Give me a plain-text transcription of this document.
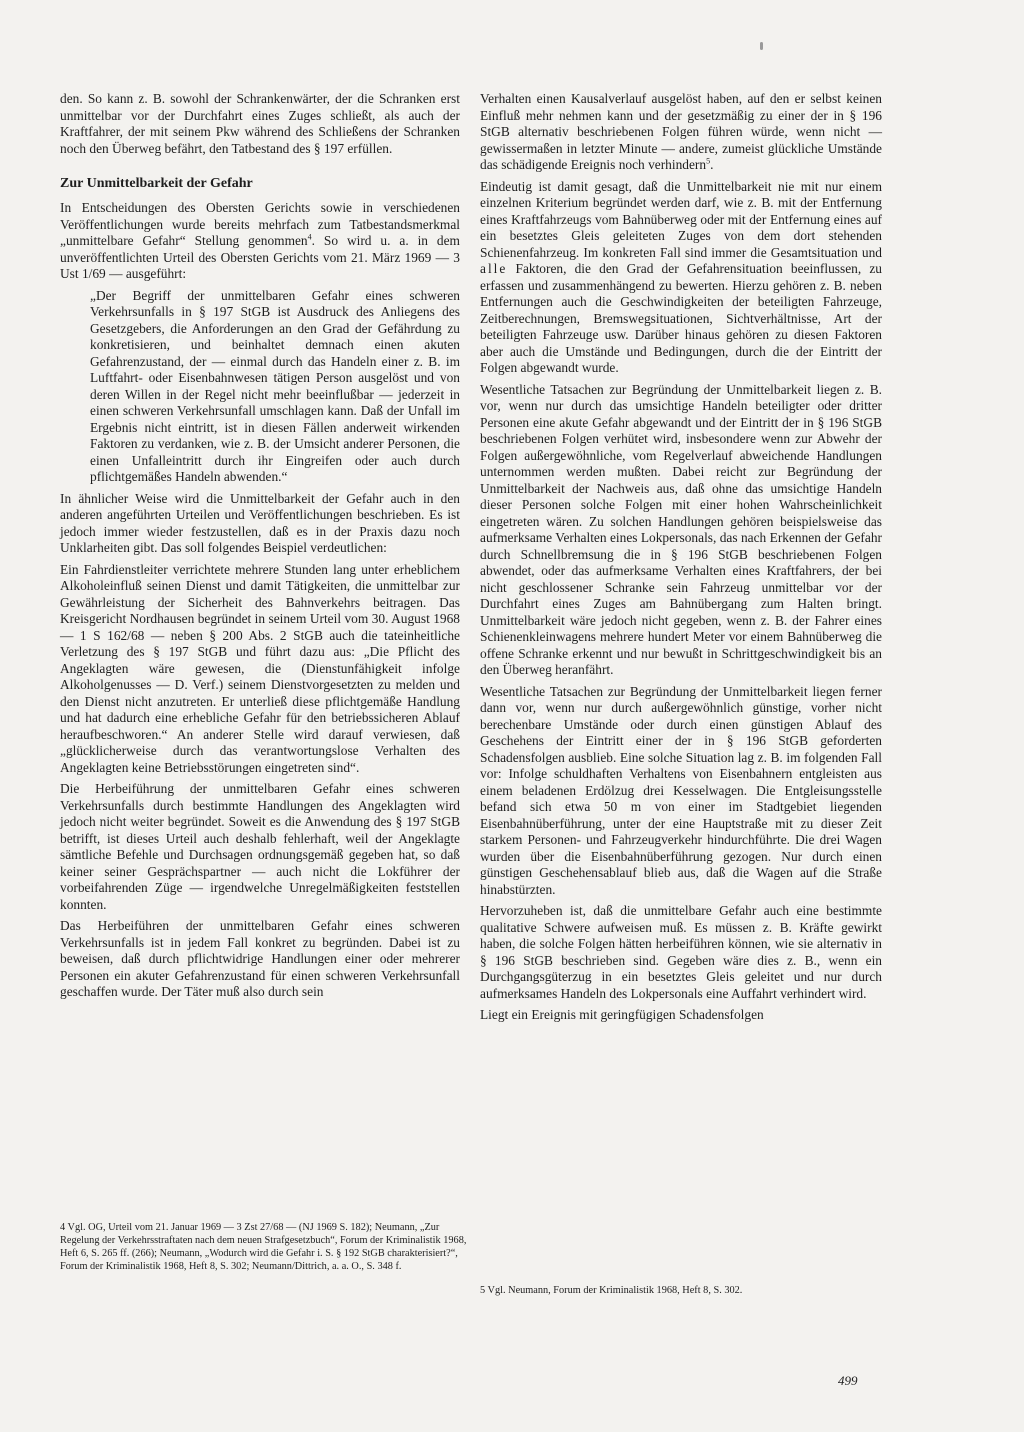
den. So kann z. B. sowohl der Schrankenwärter, der die Schranken erst unmittelbar vor der Durchfahrt eines Zuges schließt, als auch der Kraftfahrer, der mit seinem Pkw während des Schließens der Schranken noch den Überweg befährt, den Tatbestand des § 197 erfüllen.

Zur Unmittelbarkeit der Gefahr

In Entscheidungen des Obersten Gerichts sowie in verschiedenen Veröffentlichungen wurde bereits mehrfach zum Tatbestandsmerkmal „unmittelbare Gefahr“ Stellung genommen$^4$. So wird u. a. in dem unveröffentlichten Urteil des Obersten Gerichts vom 21. März 1969 — 3 Ust 1/69 — ausgeführt:

„Der Begriff der unmittelbaren Gefahr eines schweren Verkehrsunfalls in § 197 StGB ist Ausdruck des Anliegens des Gesetzgebers, die Anforderungen an den Grad der Gefährdung zu konkretisieren, und beinhaltet demnach einen akuten Gefahrenzustand, der — einmal durch das Handeln einer z. B. im Luftfahrt- oder Eisenbahnwesen tätigen Person ausgelöst und von deren Willen in der Regel nicht mehr beeinflußbar — jederzeit in einen schweren Verkehrsunfall umschlagen kann. Daß der Unfall im Ergebnis nicht eintritt, ist in diesen Fällen anderweit wirkenden Faktoren zu verdanken, wie z. B. der Umsicht anderer Personen, die einen Unfalleintritt durch ihr Eingreifen oder auch durch pflichtgemäßes Handeln abwenden.“

In ähnlicher Weise wird die Unmittelbarkeit der Gefahr auch in den anderen angeführten Urteilen und Veröffentlichungen beschrieben. Es ist jedoch immer wieder festzustellen, daß es in der Praxis dazu noch Unklarheiten gibt. Das soll folgendes Beispiel verdeutlichen:

Ein Fahrdienstleiter verrichtete mehrere Stunden lang unter erheblichem Alkoholeinfluß seinen Dienst und damit Tätigkeiten, die unmittelbar zur Gewährleistung der Sicherheit des Bahnverkehrs beitragen. Das Kreisgericht Nordhausen begründet in seinem Urteil vom 30. August 1968 — 1 S 162/68 — neben § 200 Abs. 2 StGB auch die tateinheitliche Verletzung des § 197 StGB und führt dazu aus: „Die Pflicht des Angeklagten wäre gewesen, die (Dienstunfähigkeit infolge Alkoholgenusses — D. Verf.) seinem Dienstvorgesetzten zu melden und den Dienst nicht anzutreten. Er unterließ diese pflichtgemäße Handlung und hat dadurch eine erhebliche Gefahr für den betriebssicheren Ablauf heraufbeschworen.“ An anderer Stelle wird darauf verwiesen, daß „glücklicherweise durch das verantwortungslose Verhalten des Angeklagten keine Betriebsstörungen eingetreten sind“.

Die Herbeiführung der unmittelbaren Gefahr eines schweren Verkehrsunfalls durch bestimmte Handlungen des Angeklagten wird jedoch nicht weiter begründet. Soweit es die Anwendung des § 197 StGB betrifft, ist dieses Urteil auch deshalb fehlerhaft, weil der Angeklagte sämtliche Befehle und Durchsagen ordnungsgemäß gegeben hat, so daß keiner seiner Gesprächspartner — auch nicht die Lokführer der vorbeifahrenden Züge — irgendwelche Unregelmäßigkeiten feststellen konnten.

Das Herbeiführen der unmittelbaren Gefahr eines schweren Verkehrsunfalls ist in jedem Fall konkret zu begründen. Dabei ist zu beweisen, daß durch pflichtwidrige Handlungen einer oder mehrerer Personen ein akuter Gefahrenzustand für einen schweren Verkehrsunfall geschaffen wurde. Der Täter muß also durch sein

Verhalten einen Kausalverlauf ausgelöst haben, auf den er selbst keinen Einfluß mehr nehmen kann und der gesetzmäßig zu einer der in § 196 StGB alternativ beschriebenen Folgen führen würde, wenn nicht — gewissermaßen in letzter Minute — andere, zumeist glückliche Umstände das schädigende Ereignis noch verhindern$^5$.

Eindeutig ist damit gesagt, daß die Unmittelbarkeit nie mit nur einem einzelnen Kriterium begründet werden darf, wie z. B. mit der Entfernung eines Kraftfahrzeugs vom Bahnüberweg oder mit der Entfernung eines auf ein besetztes Gleis geleiteten Zuges von dem dort stehenden Schienenfahrzeug. Im konkreten Fall sind immer die Gesamtsituation und alle Faktoren, die den Grad der Gefahrensituation beeinflussen, zu erfassen und zusammenhängend zu bewerten. Hierzu gehören z. B. neben Entfernungen auch die Geschwindigkeiten der beteiligten Fahrzeuge, Zeitberechnungen, Bremswegsituationen, Sichtverhältnisse, Art der beteiligten Fahrzeuge usw. Darüber hinaus gehören zu diesen Faktoren aber auch die Umstände und Bedingungen, durch die der Eintritt der Folgen abgewandt wurde.

Wesentliche Tatsachen zur Begründung der Unmittelbarkeit liegen z. B. vor, wenn nur durch das umsichtige Handeln beteiligter oder dritter Personen eine akute Gefahr abgewandt und der Eintritt der in § 196 StGB beschriebenen Folgen verhütet wird, insbesondere wenn zur Abwehr der Folgen außergewöhnliche, vom Regelverlauf abweichende Handlungen unternommen werden mußten. Dabei reicht zur Begründung der Unmittelbarkeit der Nachweis aus, daß ohne das umsichtige Handeln dieser Personen solche Folgen mit einer hohen Wahrscheinlichkeit eingetreten wären. Zu solchen Handlungen gehören beispielsweise das aufmerksame Verhalten eines Lokpersonals, das nach Erkennen der Gefahr durch Schnellbremsung die in § 196 StGB beschriebenen Folgen abwendet, oder das aufmerksame Verhalten eines Kraftfahrers, der bei nicht geschlossener Schranke sein Fahrzeug unmittelbar vor der Durchfahrt eines Zuges am Bahnübergang zum Halten bringt. Unmittelbarkeit wäre jedoch nicht gegeben, wenn z. B. der Fahrer eines Schienenkleinwagens mehrere hundert Meter vor einem Bahnüberweg die offene Schranke erkennt und nur bewußt in Schrittgeschwindigkeit bis an den Überweg heranfährt.

Wesentliche Tatsachen zur Begründung der Unmittelbarkeit liegen ferner dann vor, wenn nur durch außergewöhnlich günstige, vorher nicht berechenbare Umstände oder durch einen günstigen Ablauf des Geschehens der Eintritt einer der in § 196 StGB geforderten Schadensfolgen ausblieb. Eine solche Situation lag z. B. im folgenden Fall vor: Infolge schuldhaften Verhaltens von Eisenbahnern entgleisten aus einem beladenen Erdölzug drei Kesselwagen. Die Entgleisungsstelle befand sich etwa 50 m von einer im Stadtgebiet liegenden Eisenbahnüberführung, unter der eine Hauptstraße mit zu dieser Zeit starkem Personen- und Fahrzeugverkehr hindurchführte. Die drei Wagen wurden über die Eisenbahnüberführung gezogen. Nur durch einen günstigen Geschehensablauf blieb aus, daß die Wagen auf die Straße hinabstürzten.

Hervorzuheben ist, daß die unmittelbare Gefahr auch eine bestimmte qualitative Schwere aufweisen muß. Es müssen z. B. Kräfte gewirkt haben, die solche Folgen hätten herbeiführen können, wie sie alternativ in § 196 StGB beschrieben sind. Gegeben wäre dies z. B., wenn ein Durchgangsgüterzug in ein besetztes Gleis geleitet und nur durch aufmerksames Handeln des Lokpersonals eine Auffahrt verhindert wird.

Liegt ein Ereignis mit geringfügigen Schadensfolgen

4 Vgl. OG, Urteil vom 21. Januar 1969 — 3 Zst 27/68 — (NJ 1969 S. 182); Neumann, „Zur Regelung der Verkehrsstraftaten nach dem neuen Strafgesetzbuch“, Forum der Kriminalistik 1968, Heft 6, S. 265 ff. (266); Neumann, „Wodurch wird die Gefahr i. S. § 192 StGB charakterisiert?“, Forum der Kriminalistik 1968, Heft 8, S. 302; Neumann/Dittrich, a. a. O., S. 348 f.

5 Vgl. Neumann, Forum der Kriminalistik 1968, Heft 8, S. 302.

499
